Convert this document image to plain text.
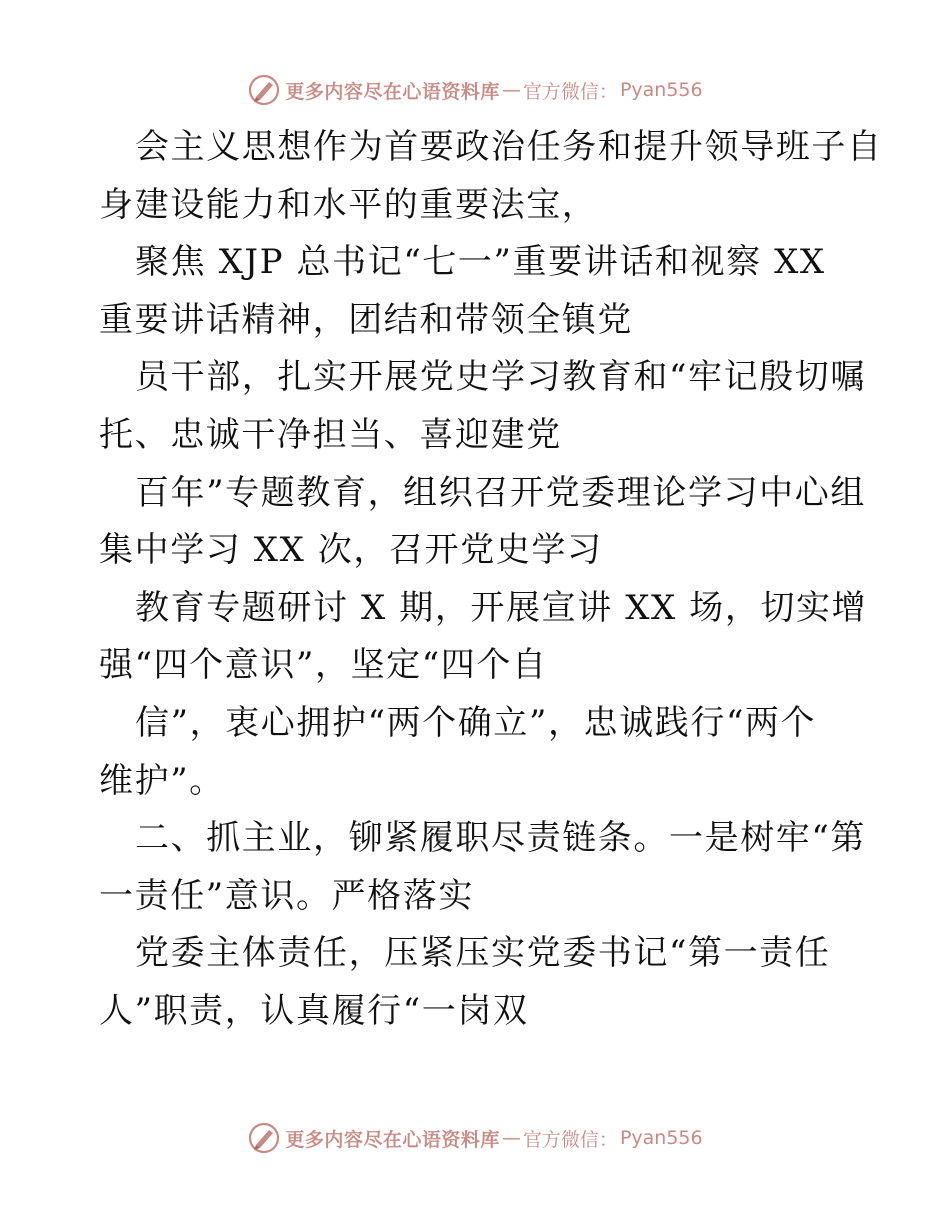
更多内容尽在心语资料库 — 官方微信： Pyan556
会主义思想作为首要政治任务和提升领导班子自
身建设能力和水平的重要法宝，
聚焦 XJP 总书记“七一”重要讲话和视察 XX
重要讲话精神，团结和带领全镇党
员干部，扎实开展党史学习教育和“牢记殷切嘱
托、忠诚干净担当、喜迎建党
百年”专题教育，组织召开党委理论学习中心组
集中学习 XX 次，召开党史学习
教育专题研讨 X 期，开展宣讲 XX 场，切实增
强“四个意识”，坚定“四个自
信”，衷心拥护“两个确立”，忠诚践行“两个
维护”。
二、抓主业，铆紧履职尽责链条。一是树牢“第
一责任”意识。严格落实
党委主体责任，压紧压实党委书记“第一责任
人”职责，认真履行“一岗双
更多内容尽在心语资料库 — 官方微信： Pyan556
